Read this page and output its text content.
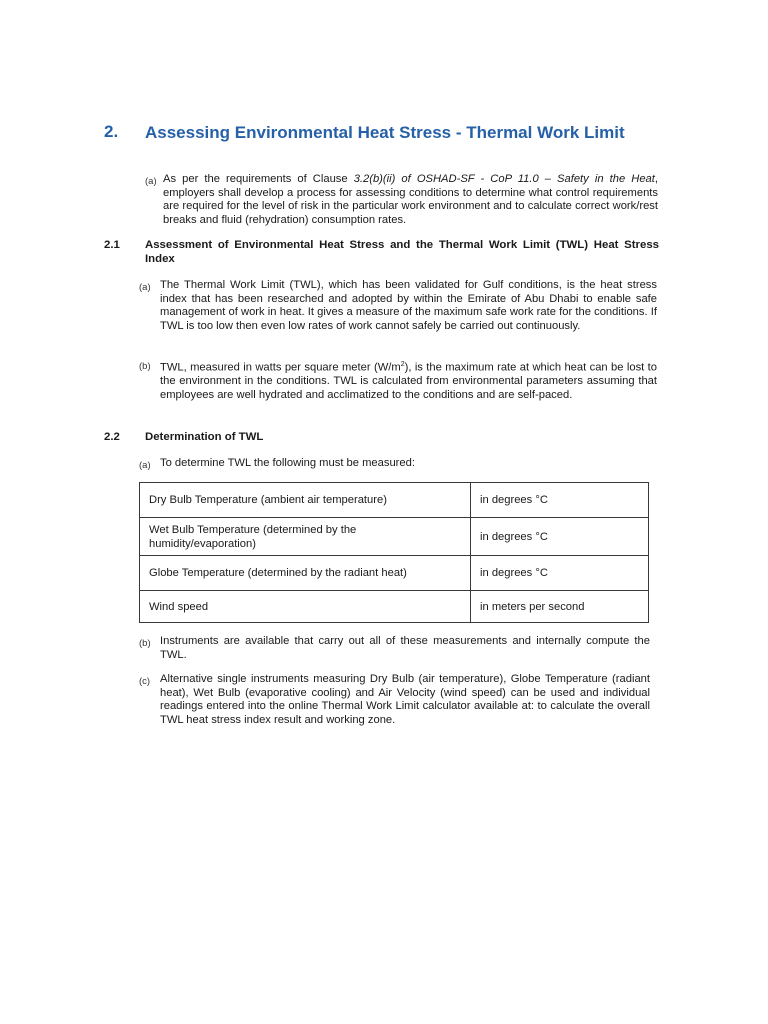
2. Assessing Environmental Heat Stress - Thermal Work Limit
(a) As per the requirements of Clause 3.2(b)(ii) of OSHAD-SF - CoP 11.0 – Safety in the Heat, employers shall develop a process for assessing conditions to determine what control requirements are required for the level of risk in the particular work environment and to calculate correct work/rest breaks and fluid (rehydration) consumption rates.
2.1 Assessment of Environmental Heat Stress and the Thermal Work Limit (TWL) Heat Stress Index
(a) The Thermal Work Limit (TWL), which has been validated for Gulf conditions, is the heat stress index that has been researched and adopted by within the Emirate of Abu Dhabi to enable safe management of work in heat. It gives a measure of the maximum safe work rate for the conditions. If TWL is too low then even low rates of work cannot safely be carried out continuously.
(b) TWL, measured in watts per square meter $(W/m^2)$, is the maximum rate at which heat can be lost to the environment in the conditions. TWL is calculated from environmental parameters assuming that employees are well hydrated and acclimatized to the conditions and are self-paced.
2.2 Determination of TWL
(a) To determine TWL the following must be measured:
Dry Bulb Temperature (ambient air temperature)	in degrees °C
Wet Bulb Temperature (determined by the humidity/evaporation)	in degrees °C
Globe Temperature (determined by the radiant heat)	in degrees °C
Wind speed	in meters per second
(b) Instruments are available that carry out all of these measurements and internally compute the TWL.
(c) Alternative single instruments measuring Dry Bulb (air temperature), Globe Temperature (radiant heat), Wet Bulb (evaporative cooling) and Air Velocity (wind speed) can be used and individual readings entered into the online Thermal Work Limit calculator available at: to calculate the overall TWL heat stress index result and working zone.
